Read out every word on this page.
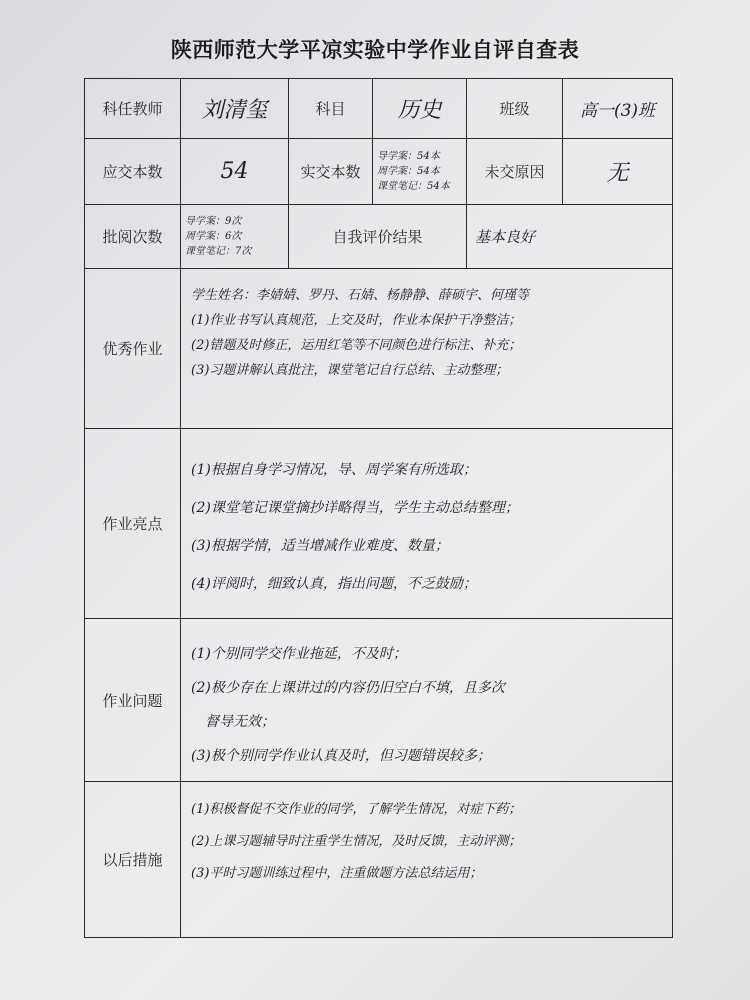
陕西师范大学平凉实验中学作业自评自查表
科任教师	刘清玺	科目	历史	班级	高一(3)班
应交本数	54	实交本数	导学案：54本
周学案：54本
课堂笔记：54本	未交原因	无
批阅次数	导学案：9次
周学案：6次
课堂笔记：7次	自我评价结果		基本良好	
优秀作业	学生姓名：李婧婧、罗丹、石婧、杨静静、薛硕宇、何瑾等
(1)作业书写认真规范，上交及时，作业本保护干净整洁；
(2)错题及时修正，运用红笔等不同颜色进行标注、补充；
(3)习题讲解认真批注，课堂笔记自行总结、主动整理；				

作业亮点	(1)根据自身学习情况，导、周学案有所选取；
(2)课堂笔记课堂摘抄详略得当，学生主动总结整理；
(3)根据学情，适当增减作业难度、数量；
(4)评阅时，细致认真，指出问题，不乏鼓励；				

作业问题	(1)个别同学交作业拖延，不及时；
(2)极少存在上课讲过的内容仍旧空白不填，且多次
　督导无效；
(3)极个别同学作业认真及时，但习题错误较多；				

以后措施	(1)积极督促不交作业的同学，了解学生情况，对症下药；
(2)上课习题辅导时注重学生情况，及时反馈，主动评测；
(3)平时习题训练过程中，注重做题方法总结运用；				
